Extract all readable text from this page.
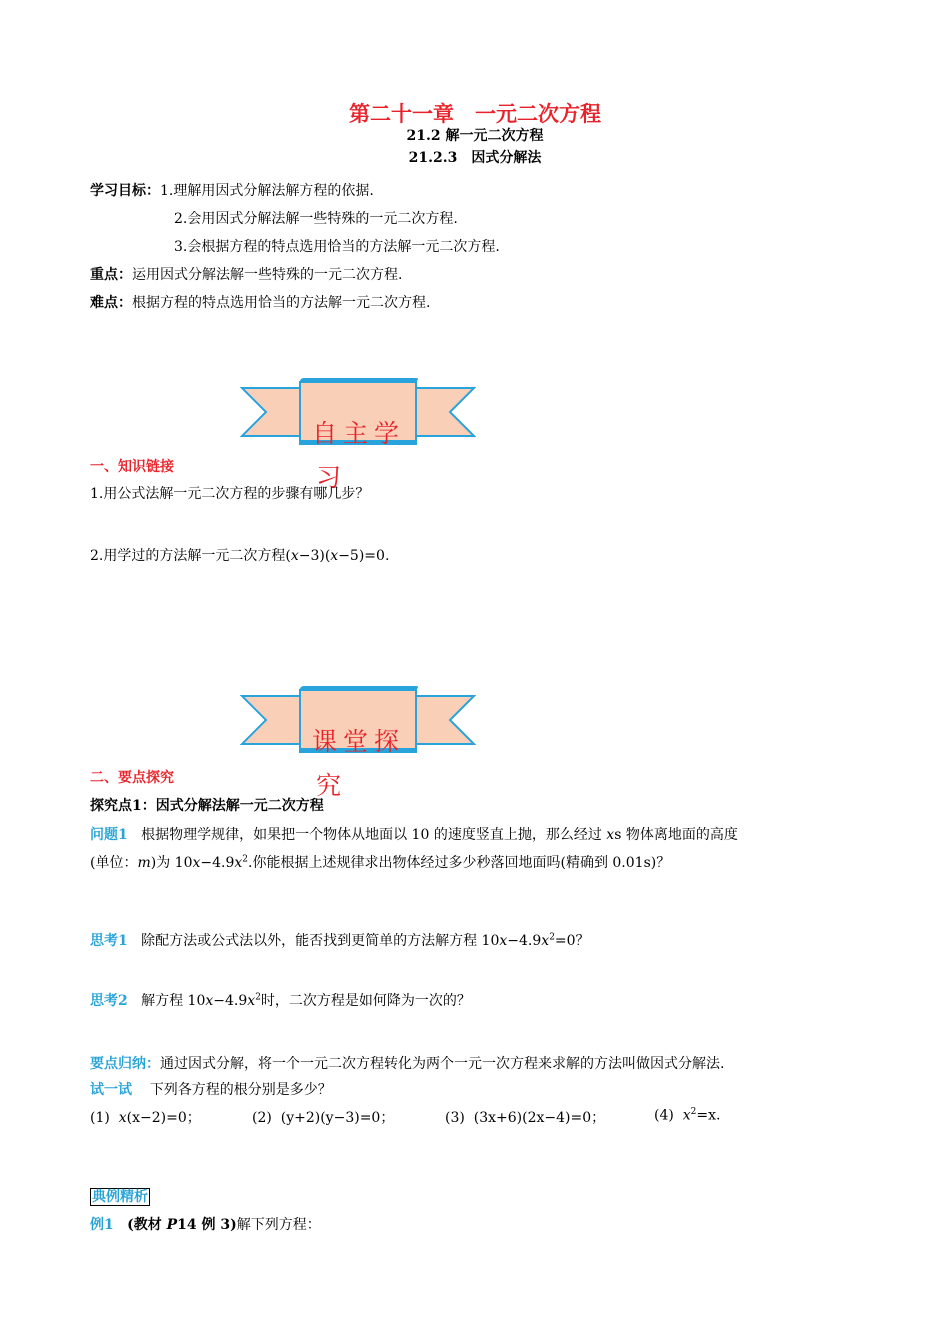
第二十一章　一元二次方程
21.2 解一元二次方程
21.2.3　因式分解法
学习目标：1.理解用因式分解法解方程的依据.
2.会用因式分解法解一些特殊的一元二次方程.
3.会根据方程的特点选用恰当的方法解一元二次方程.
重点：运用因式分解法解一些特殊的一元二次方程.
难点：根据方程的特点选用恰当的方法解一元二次方程.
自主学
习
一、知识链接
1.用公式法解一元二次方程的步骤有哪几步？
2.用学过的方法解一元二次方程(x−3)(x−5)=0.
课堂探
究
二、要点探究
探究点1：因式分解法解一元二次方程
问题1 根据物理学规律，如果把一个物体从地面以 10 的速度竖直上抛，那么经过 xs 物体离地面的高度
(单位：m)为 $10x-4.9x^2$.你能根据上述规律求出物体经过多少秒落回地面吗(精确到 0.01s)？
思考1 除配方法或公式法以外，能否找到更简单的方法解方程 $10x-4.9x^2=0$？
思考2 解方程 $10x-4.9x^2$时，二次方程是如何降为一次的？
要点归纳：通过因式分解，将一个一元二次方程转化为两个一元一次方程来求解的方法叫做因式分解法.
试一试 下列各方程的根分别是多少？
(1) x(x−2)=0；	(2) (y+2)(y−3)=0；	(3) (3x+6)(2x−4)=0；	(4) $x^2=x$.
典例精析
例1 (教材 P14 例 3)解下列方程：
